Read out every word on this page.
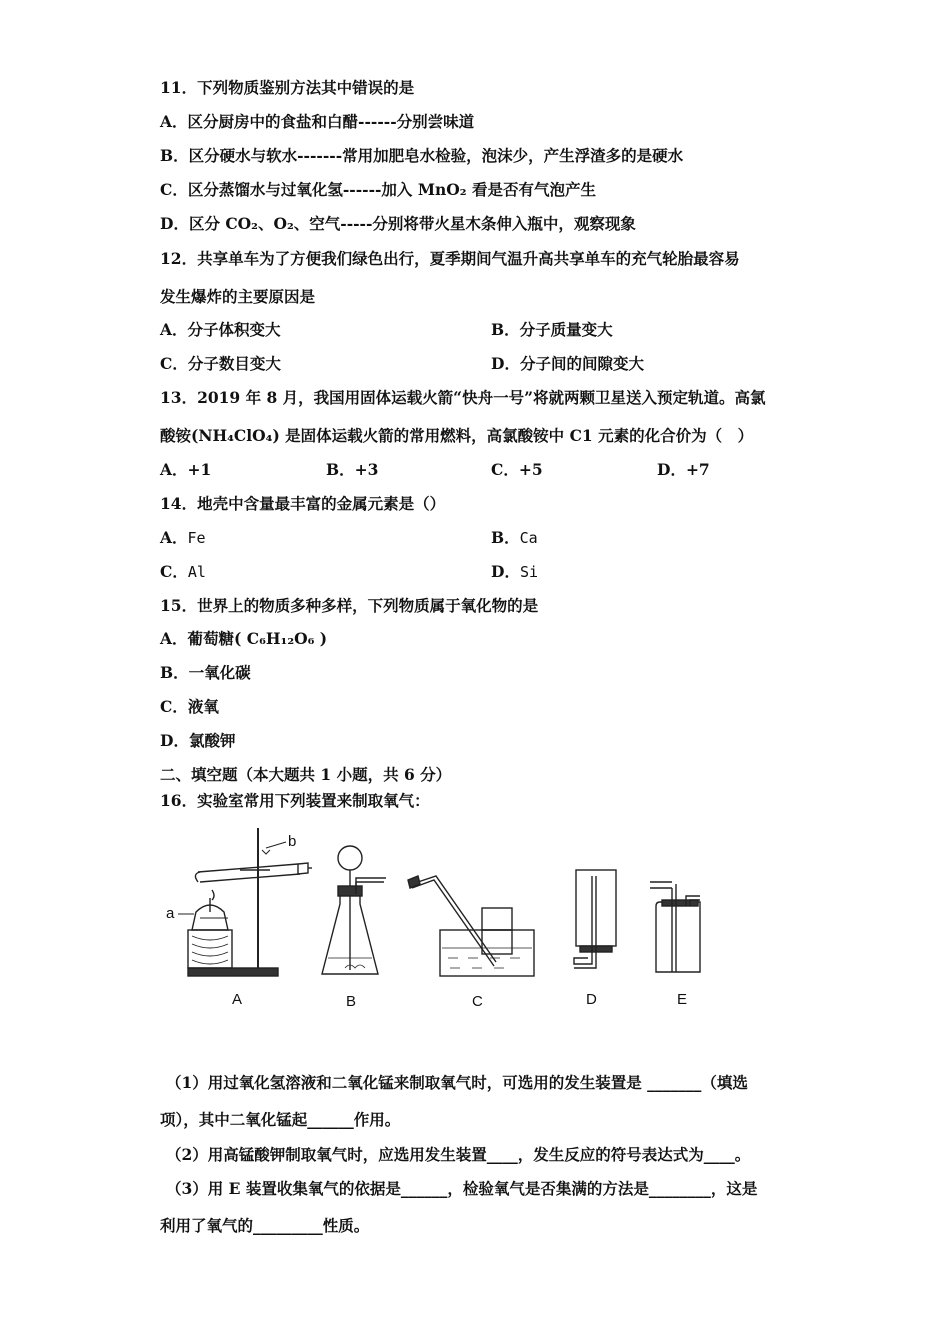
11．下列物质鉴别方法其中错误的是
A．区分厨房中的食盐和白醋------分别尝味道
B．区分硬水与软水-------常用加肥皂水检验，泡沫少，产生浮渣多的是硬水
C．区分蒸馏水与过氧化氢------加入 MnO₂ 看是否有气泡产生
D．区分 CO₂、O₂、空气-----分别将带火星木条伸入瓶中，观察现象
12．共享单车为了方便我们绿色出行，夏季期间气温升高共享单车的充气轮胎最容易
发生爆炸的主要原因是
A．分子体积变大	B．分子质量变大
C．分子数目变大	D．分子间的间隙变大
13．2019 年 8 月，我国用固体运载火箭“快舟一号”将就两颗卫星送入预定轨道。高氯
酸铵(NH₄ClO₄) 是固体运载火箭的常用燃料，高氯酸铵中 C1 元素的化合价为（　）
A．+1	B．+3	C．+5	D．+7
14．地壳中含量最丰富的金属元素是（）
A．Fe	B．Ca
C．Al	D．Si
15．世界上的物质多种多样，下列物质属于氧化物的是
A．葡萄糖( C₆H₁₂O₆ )
B．一氧化碳
C．液氧
D．氯酸钾
二、填空题（本大题共 1 小题，共 6 分）
16．实验室常用下列装置来制取氧气：
a
b
A	B	C	D	E
（1）用过氧化氢溶液和二氧化锰来制取氧气时，可选用的发生装置是 _______（填选
项），其中二氧化锰起______作用。
（2）用高锰酸钾制取氧气时，应选用发生装置____，发生反应的符号表达式为____。
（3）用 E 装置收集氧气的依据是______，检验氧气是否集满的方法是________，这是
利用了氧气的_________性质。
